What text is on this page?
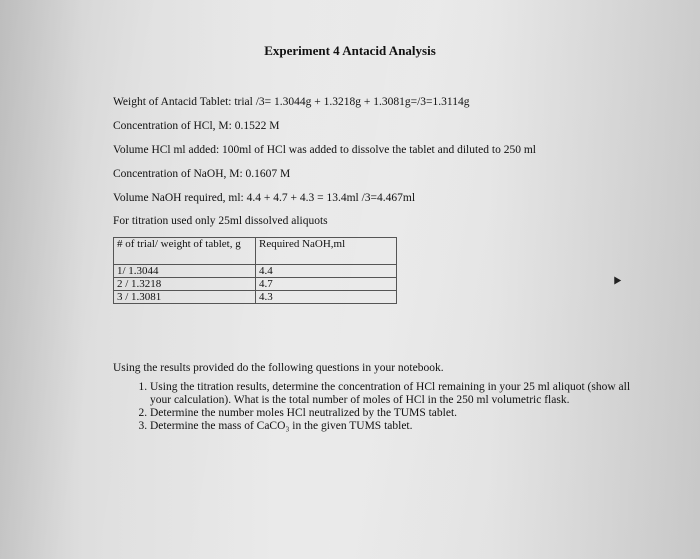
Experiment 4 Antacid Analysis
Weight of Antacid Tablet: trial /3= 1.3044g + 1.3218g + 1.3081g=/3=1.3114g
Concentration of HCl, M: 0.1522 M
Volume HCl ml added: 100ml of HCl was added to dissolve the tablet and diluted to 250 ml
Concentration of NaOH, M: 0.1607 M
Volume NaOH required, ml: 4.4 + 4.7 + 4.3 = 13.4ml /3=4.467ml
For titration used only 25ml dissolved aliquots
# of trial/ weight of tablet, g	Required NaOH,ml
1/ 1.3044	4.4
2 / 1.3218	4.7
3 / 1.3081	4.3
Using the results provided do the following questions in your notebook.
1. Using the titration results, determine the concentration of HCl remaining in your 25 ml aliquot (show all your calculation). What is the total number of moles of HCl in the 250 ml volumetric flask.
2. Determine the number moles HCl neutralized by the TUMS tablet.
3. Determine the mass of CaCO₃ in the given TUMS tablet.
